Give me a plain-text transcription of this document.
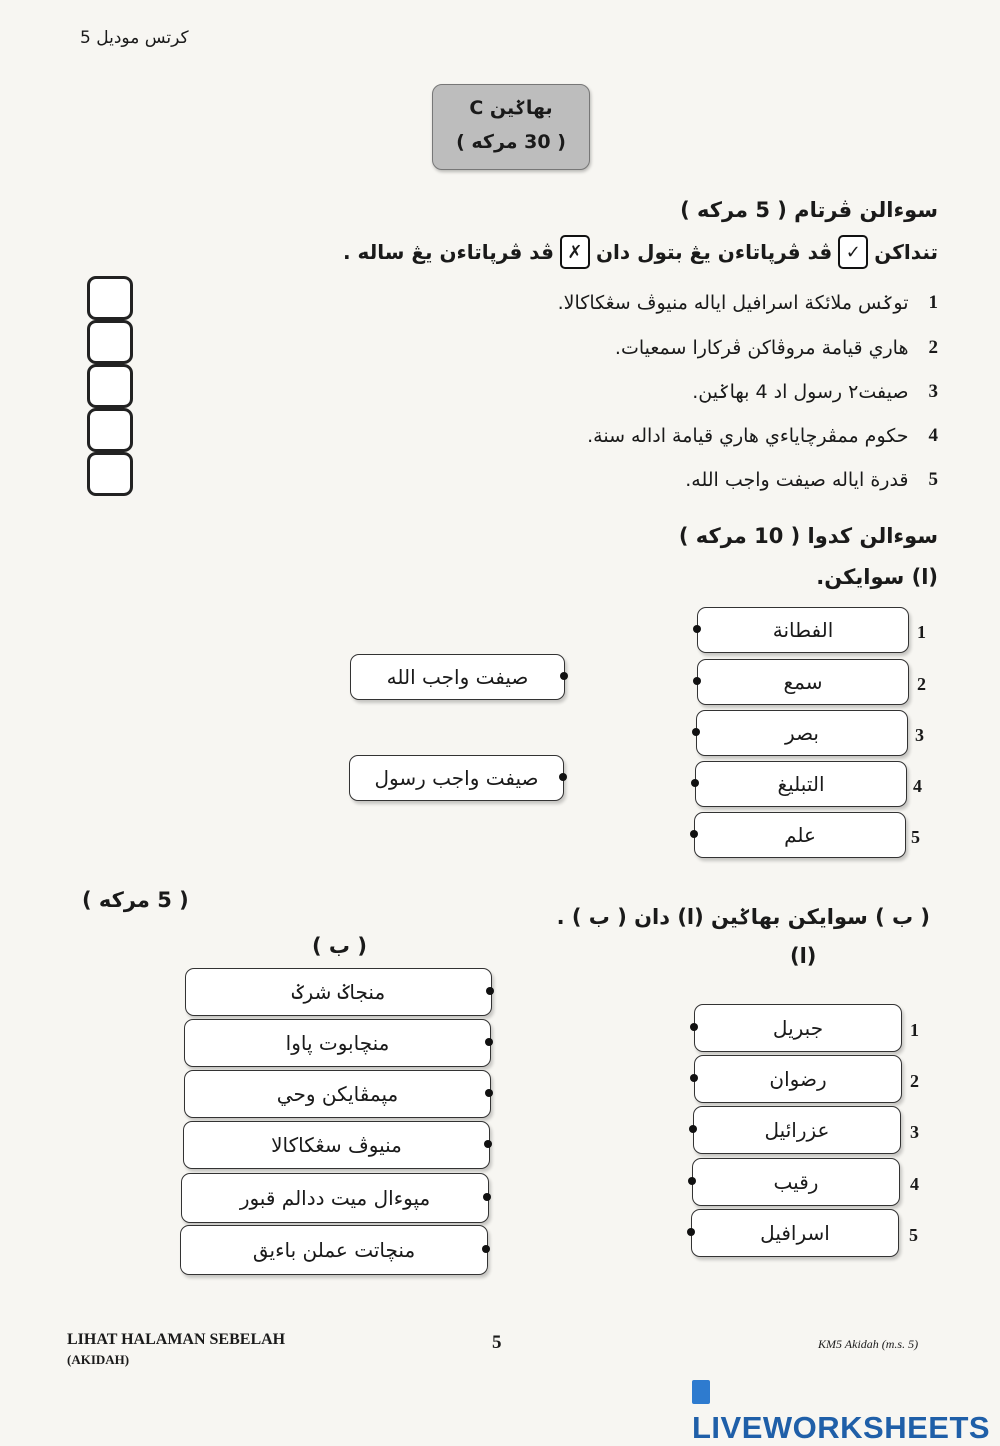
كرتس موديل 5
بهاݢين C
( 30 مرکه )
سوءالن ڤرتام ( 5 مرکه )
تنداکن
✓
ڤد ڤرڽاتاءن يڠ بتول دان
✗
ڤد ڤرڽاتاءن يڠ ساله .
1
توݢس ملائکة اسرافيل اياله منيوڤ سڠکاکالا.
2
هاري قيامة مروڤاکن ڤرکارا سمعيات.
3
صيفت٢ رسول اد 4 بهاݢين.
4
حکوم ممڤرچاياءي هاري قيامة اداله سنة.
5
قدرة اياله صيفت واجب الله.
سوءالن کدوا ( 10 مرکه )
(ا) سوايکن.
1
الفطانة
2
سمع
3
بصر
4
التبليغ
5
علم
صيفت واجب الله
صيفت واجب رسول
( ب ) سوايکن بهاݢين (ا) دان ( ب ) .
( 5 مرکه )
(ا)
( ب )
1
جبريل
2
رضوان
3
عزرائيل
4
رقيب
5
اسرافيل
منجاݢ شرݢ
منچابوت ڽاوا
مڽمڤايکن وحي
منيوڤ سڠکاکالا
مڽوءال ميت ددالم قبور
منچاتت عملن باءيق
LIHAT HALAMAN SEBELAH
(AKIDAH)
5	KM5 Akidah (m.s. 5)
LIVEWORKSHEETS
